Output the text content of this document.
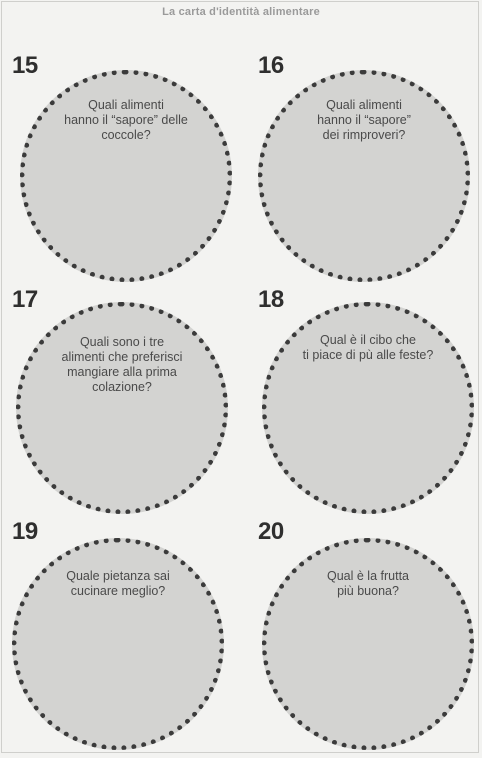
La carta d'identità alimentare
15
Quali alimenti
hanno il “sapore” delle
coccole?
16
Quali alimenti
hanno il “sapore”
dei rimproveri?
17
Quali sono i tre
alimenti che preferisci
mangiare alla prima
colazione?
18
Qual è il cibo che
ti piace di pù alle feste?
19
Quale pietanza sai
cucinare meglio?
20
Qual è la frutta
più buona?
